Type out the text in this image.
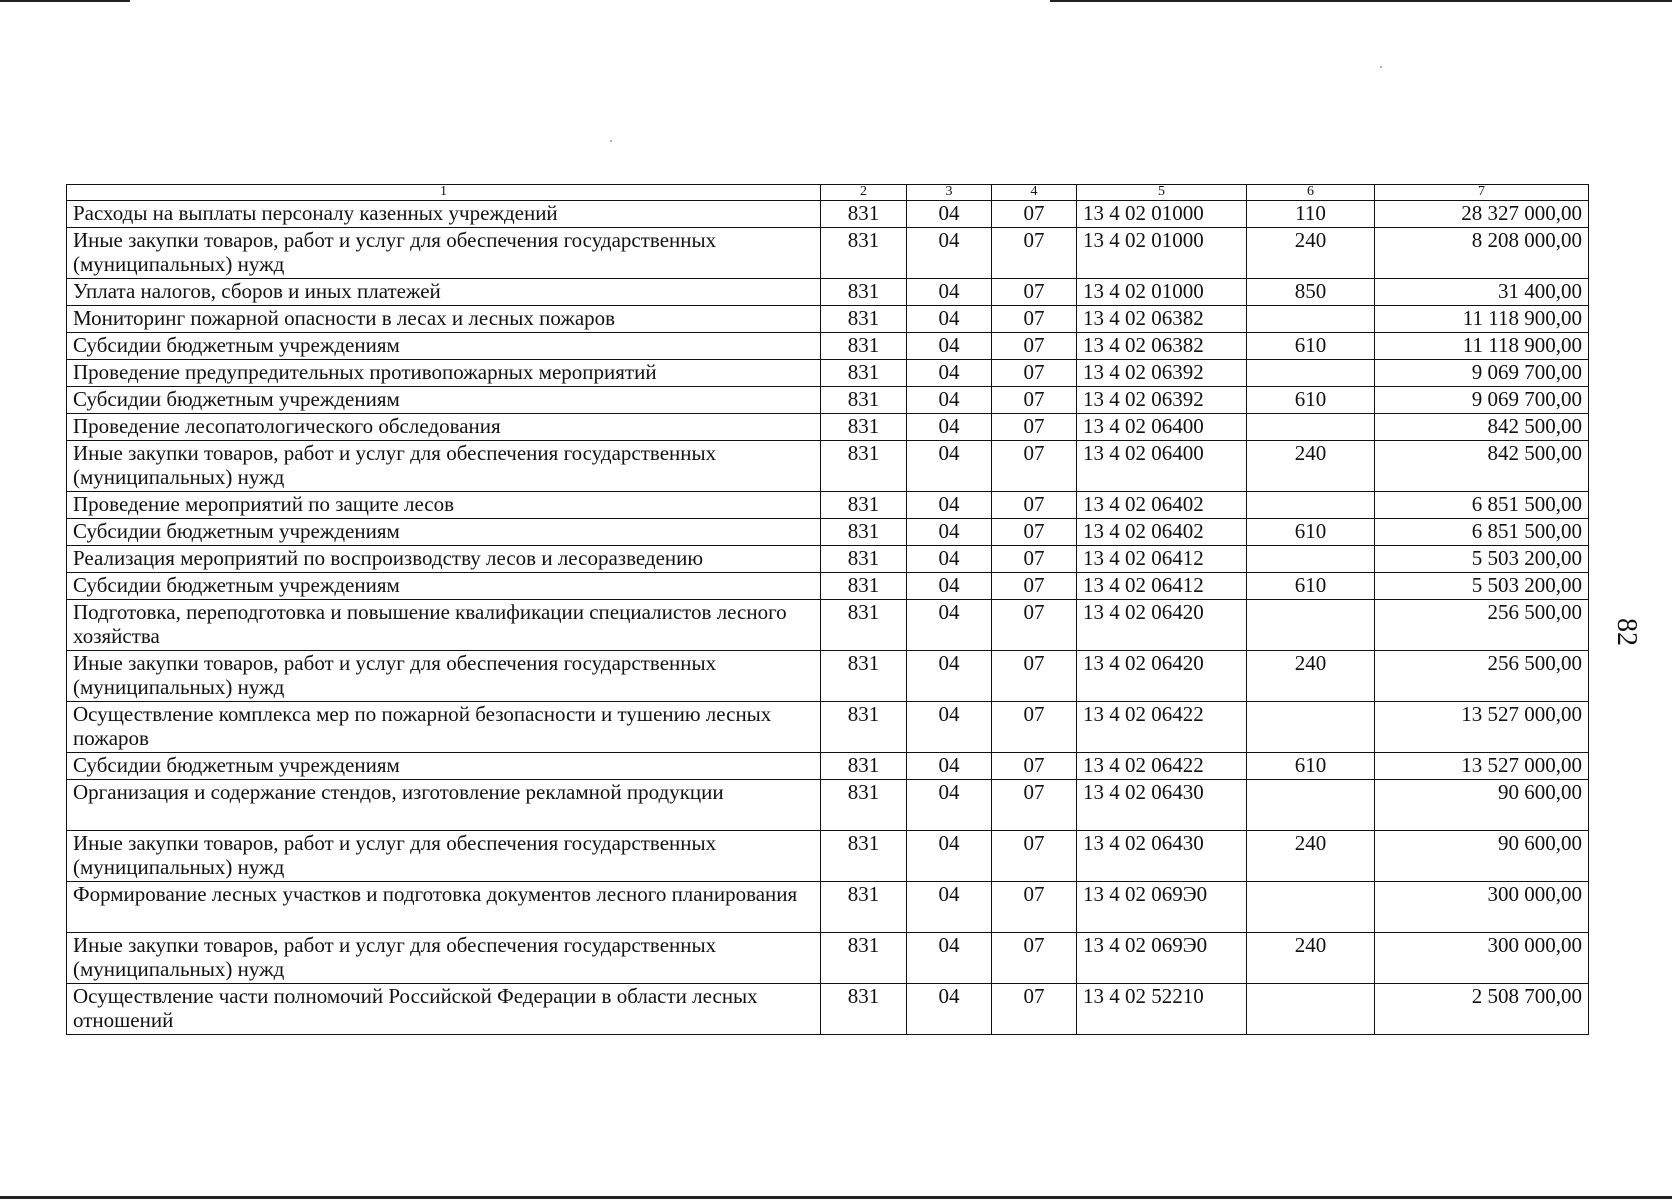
82
1	2	3	4	5	6	7
Расходы на выплаты персоналу казенных учреждений	831	04	07	13 4 02 01000	110	28 327 000,00
Иные закупки товаров, работ и услуг для обеспечения государственных (муниципальных) нужд	831	04	07	13 4 02 01000	240	8 208 000,00
Уплата налогов, сборов и иных платежей	831	04	07	13 4 02 01000	850	31 400,00
Мониторинг пожарной опасности в лесах и лесных пожаров	831	04	07	13 4 02 06382		11 118 900,00
Субсидии бюджетным учреждениям	831	04	07	13 4 02 06382	610	11 118 900,00
Проведение предупредительных противопожарных мероприятий	831	04	07	13 4 02 06392		9 069 700,00
Субсидии бюджетным учреждениям	831	04	07	13 4 02 06392	610	9 069 700,00
Проведение лесопатологического обследования	831	04	07	13 4 02 06400		842 500,00
Иные закупки товаров, работ и услуг для обеспечения государственных (муниципальных) нужд	831	04	07	13 4 02 06400	240	842 500,00
Проведение мероприятий по защите лесов	831	04	07	13 4 02 06402		6 851 500,00
Субсидии бюджетным учреждениям	831	04	07	13 4 02 06402	610	6 851 500,00
Реализация мероприятий по воспроизводству лесов и лесоразведению	831	04	07	13 4 02 06412		5 503 200,00
Субсидии бюджетным учреждениям	831	04	07	13 4 02 06412	610	5 503 200,00
Подготовка, переподготовка и повышение квалификации специалистов лесного хозяйства	831	04	07	13 4 02 06420		256 500,00
Иные закупки товаров, работ и услуг для обеспечения государственных (муниципальных) нужд	831	04	07	13 4 02 06420	240	256 500,00
Осуществление комплекса мер по пожарной безопасности и тушению лесных пожаров	831	04	07	13 4 02 06422		13 527 000,00
Субсидии бюджетным учреждениям	831	04	07	13 4 02 06422	610	13 527 000,00
Организация и содержание стендов, изготовление рекламной продукции	831	04	07	13 4 02 06430		90 600,00
Иные закупки товаров, работ и услуг для обеспечения государственных (муниципальных) нужд	831	04	07	13 4 02 06430	240	90 600,00
Формирование лесных участков и подготовка документов лесного планирования	831	04	07	13 4 02 069Э0		300 000,00
Иные закупки товаров, работ и услуг для обеспечения государственных (муниципальных) нужд	831	04	07	13 4 02 069Э0	240	300 000,00
Осуществление части полномочий Российской Федерации в области лесных отношений	831	04	07	13 4 02 52210		2 508 700,00
